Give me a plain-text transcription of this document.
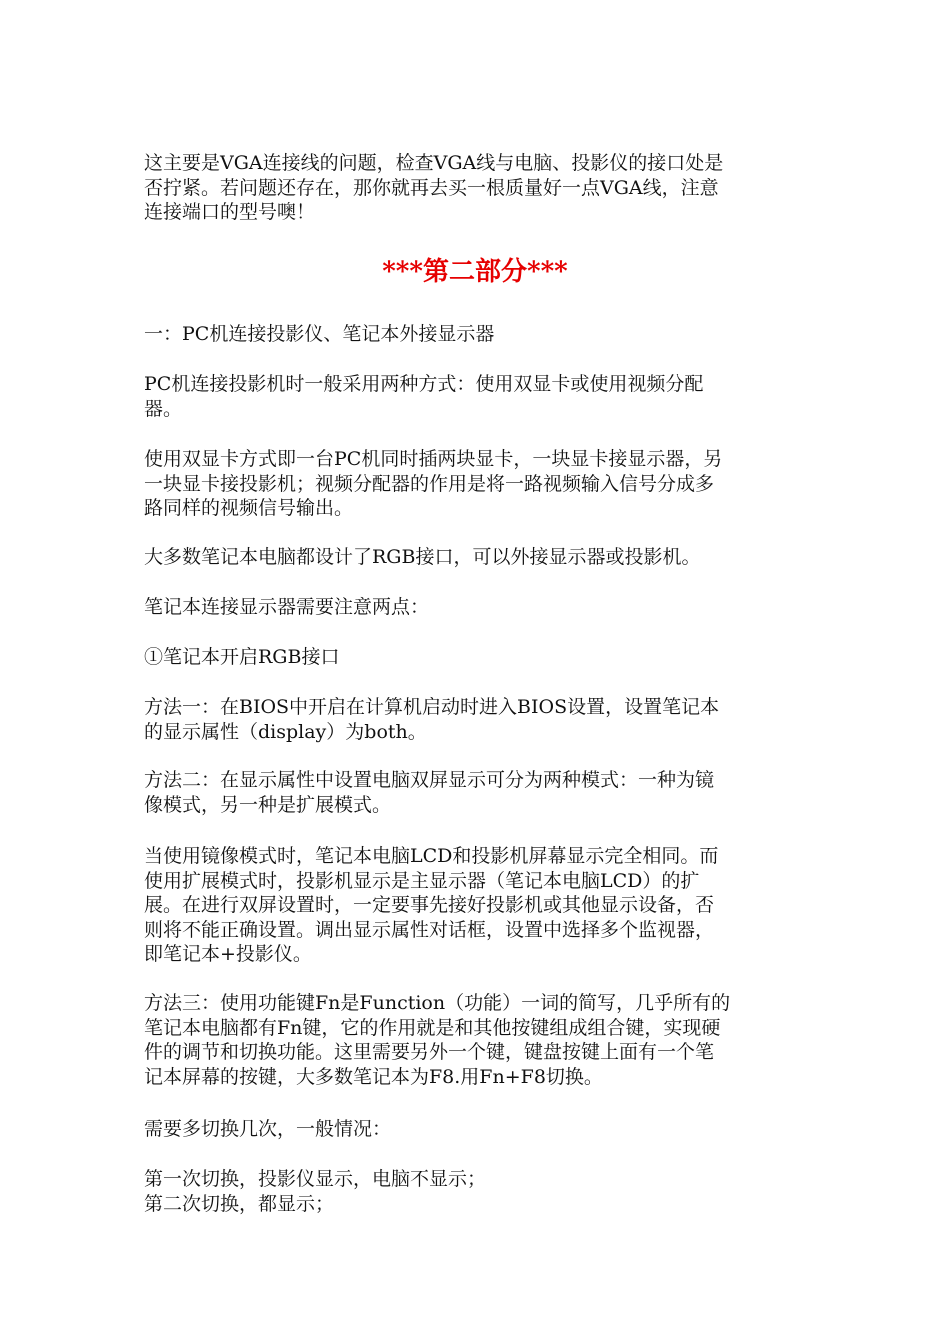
这主要是VGA连接线的问题，检查VGA线与电脑、投影仪的接口处是
否拧紧。若问题还存在，那你就再去买一根质量好一点VGA线，注意
连接端口的型号噢！

***第二部分***

一：PC机连接投影仪、笔记本外接显示器

PC机连接投影机时一般采用两种方式：使用双显卡或使用视频分配
器。

使用双显卡方式即一台PC机同时插两块显卡，一块显卡接显示器，另
一块显卡接投影机；视频分配器的作用是将一路视频输入信号分成多
路同样的视频信号输出。

大多数笔记本电脑都设计了RGB接口，可以外接显示器或投影机。

笔记本连接显示器需要注意两点：

①笔记本开启RGB接口

方法一：在BIOS中开启在计算机启动时进入BIOS设置，设置笔记本
的显示属性（display）为both。

方法二：在显示属性中设置电脑双屏显示可分为两种模式：一种为镜
像模式，另一种是扩展模式。

当使用镜像模式时，笔记本电脑LCD和投影机屏幕显示完全相同。而
使用扩展模式时，投影机显示是主显示器（笔记本电脑LCD）的扩
展。在进行双屏设置时，一定要事先接好投影机或其他显示设备，否
则将不能正确设置。调出显示属性对话框，设置中选择多个监视器，
即笔记本+投影仪。

方法三：使用功能键Fn是Function（功能）一词的简写，几乎所有的
笔记本电脑都有Fn键，它的作用就是和其他按键组成组合键，实现硬
件的调节和切换功能。这里需要另外一个键，键盘按键上面有一个笔
记本屏幕的按键，大多数笔记本为F8.用Fn+F8切换。

需要多切换几次，一般情况：

第一次切换，投影仪显示，电脑不显示；
第二次切换，都显示；
